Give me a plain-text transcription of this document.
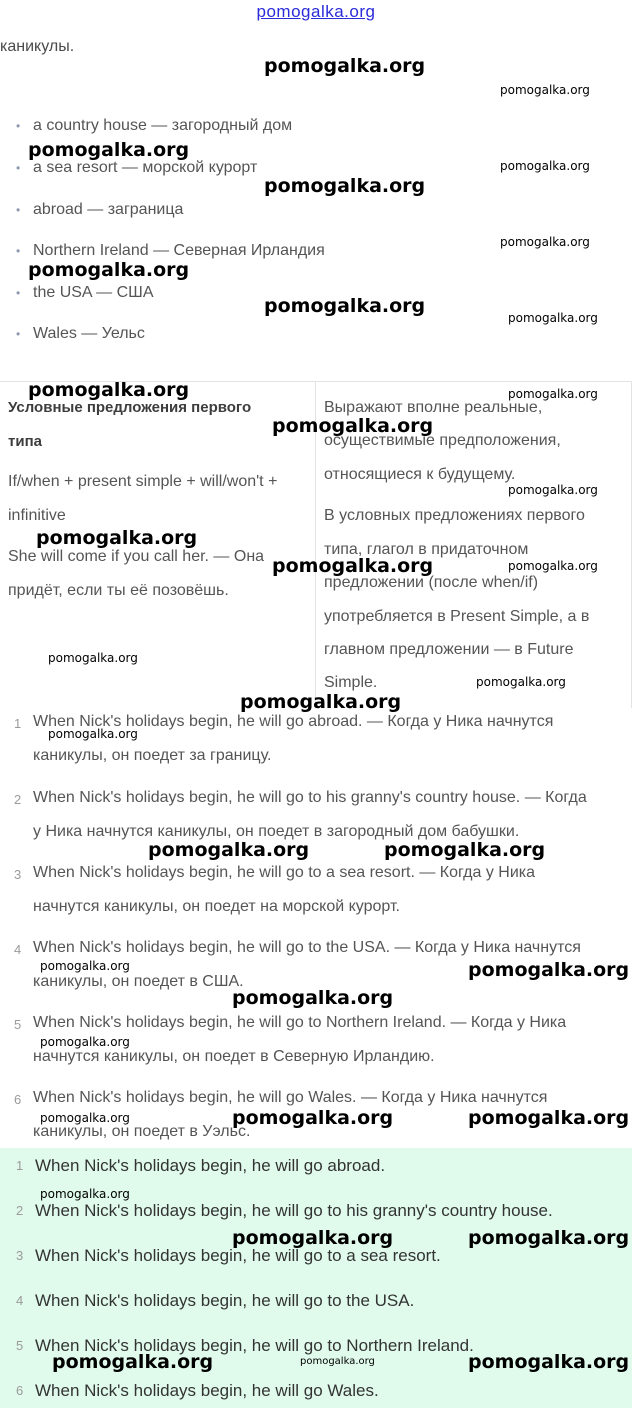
pomogalka.org
каникулы.
• a country house — загородный дом
• a sea resort — морской курорт
• abroad — заграница
• Northern Ireland — Северная Ирландия
• the USA — США
• Wales — Уельс
Условные предложения первого
типа
If/when + present simple + will/won't +
infinitive
She will come if you call her. — Она
придёт, если ты её позовёшь.
Выражают вполне реальные,
осуществимые предположения,
относящиеся к будущему.
В условных предложениях первого
типа, глагол в придаточном
предложении (после when/if)
употребляется в Present Simple, а в
главном предложении — в Future
Simple.
1 When Nick's holidays begin, he will go abroad. — Когда у Ника начнутся
каникулы, он поедет за границу.
2 When Nick's holidays begin, he will go to his granny's country house. — Когда
у Ника начнутся каникулы, он поедет в загородный дом бабушки.
3 When Nick's holidays begin, he will go to a sea resort. — Когда у Ника
начнутся каникулы, он поедет на морской курорт.
4 When Nick's holidays begin, he will go to the USA. — Когда у Ника начнутся
каникулы, он поедет в США.
5 When Nick's holidays begin, he will go to Northern Ireland. — Когда у Ника
начнутся каникулы, он поедет в Северную Ирландию.
6 When Nick's holidays begin, he will go Wales. — Когда у Ника начнутся
каникулы, он поедет в Уэльс.
1 When Nick's holidays begin, he will go abroad.
2 When Nick's holidays begin, he will go to his granny's country house.
3 When Nick's holidays begin, he will go to a sea resort.
4 When Nick's holidays begin, he will go to the USA.
5 When Nick's holidays begin, he will go to Northern Ireland.
6 When Nick's holidays begin, he will go Wales.
pomogalka.org
pomogalka.org
pomogalka.org
pomogalka.org
pomogalka.org
pomogalka.org
pomogalka.org
pomogalka.org
pomogalka.org
pomogalka.org	pomogalka.org
pomogalka.org
pomogalka.org
pomogalka.org
pomogalka.org	pomogalka.org
pomogalka.org
pomogalka.org
pomogalka.org
pomogalka.org
pomogalka.org	pomogalka.org
pomogalka.org	pomogalka.org
pomogalka.org
pomogalka.org
pomogalka.org	pomogalka.org	pomogalka.org
pomogalka.org
pomogalka.org	pomogalka.org
pomogalka.org	pomogalka.org	pomogalka.org
